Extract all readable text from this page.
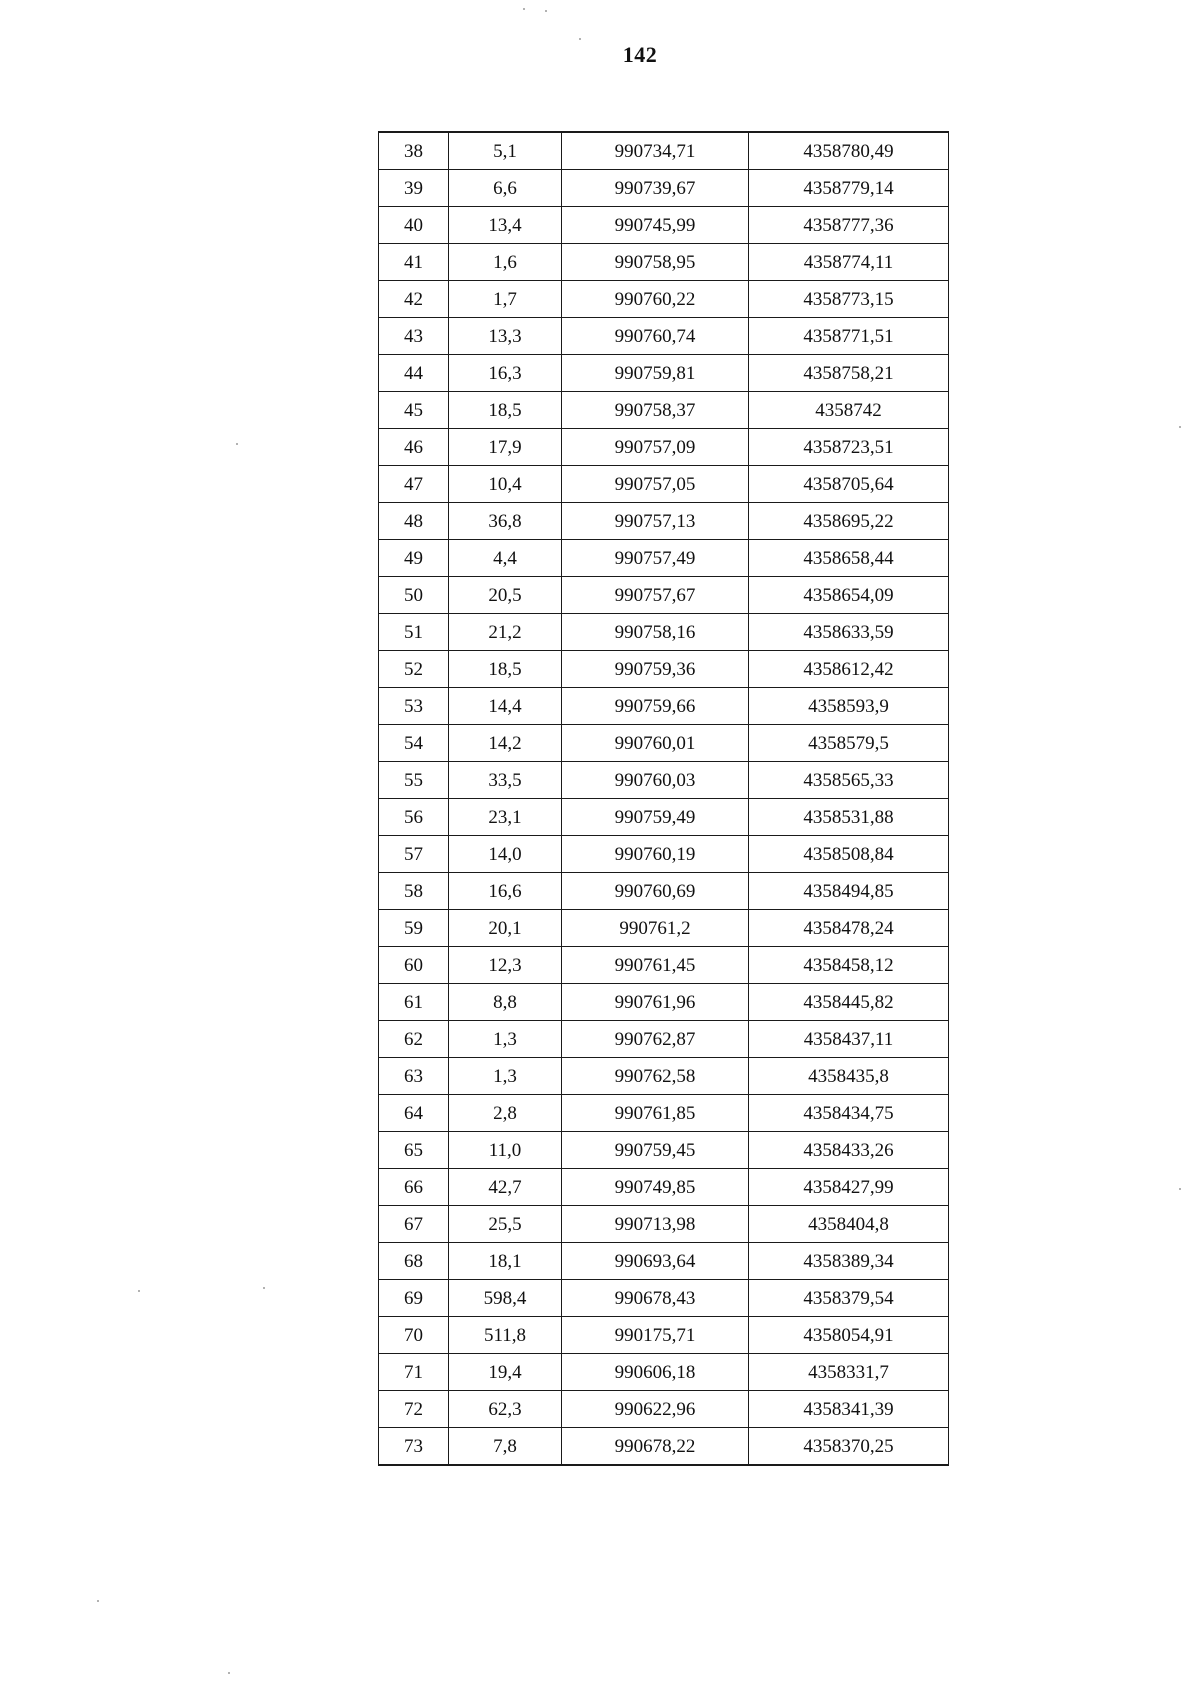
142
38	5,1	990734,71	4358780,49
39	6,6	990739,67	4358779,14
40	13,4	990745,99	4358777,36
41	1,6	990758,95	4358774,11
42	1,7	990760,22	4358773,15
43	13,3	990760,74	4358771,51
44	16,3	990759,81	4358758,21
45	18,5	990758,37	4358742
46	17,9	990757,09	4358723,51
47	10,4	990757,05	4358705,64
48	36,8	990757,13	4358695,22
49	4,4	990757,49	4358658,44
50	20,5	990757,67	4358654,09
51	21,2	990758,16	4358633,59
52	18,5	990759,36	4358612,42
53	14,4	990759,66	4358593,9
54	14,2	990760,01	4358579,5
55	33,5	990760,03	4358565,33
56	23,1	990759,49	4358531,88
57	14,0	990760,19	4358508,84
58	16,6	990760,69	4358494,85
59	20,1	990761,2	4358478,24
60	12,3	990761,45	4358458,12
61	8,8	990761,96	4358445,82
62	1,3	990762,87	4358437,11
63	1,3	990762,58	4358435,8
64	2,8	990761,85	4358434,75
65	11,0	990759,45	4358433,26
66	42,7	990749,85	4358427,99
67	25,5	990713,98	4358404,8
68	18,1	990693,64	4358389,34
69	598,4	990678,43	4358379,54
70	511,8	990175,71	4358054,91
71	19,4	990606,18	4358331,7
72	62,3	990622,96	4358341,39
73	7,8	990678,22	4358370,25
